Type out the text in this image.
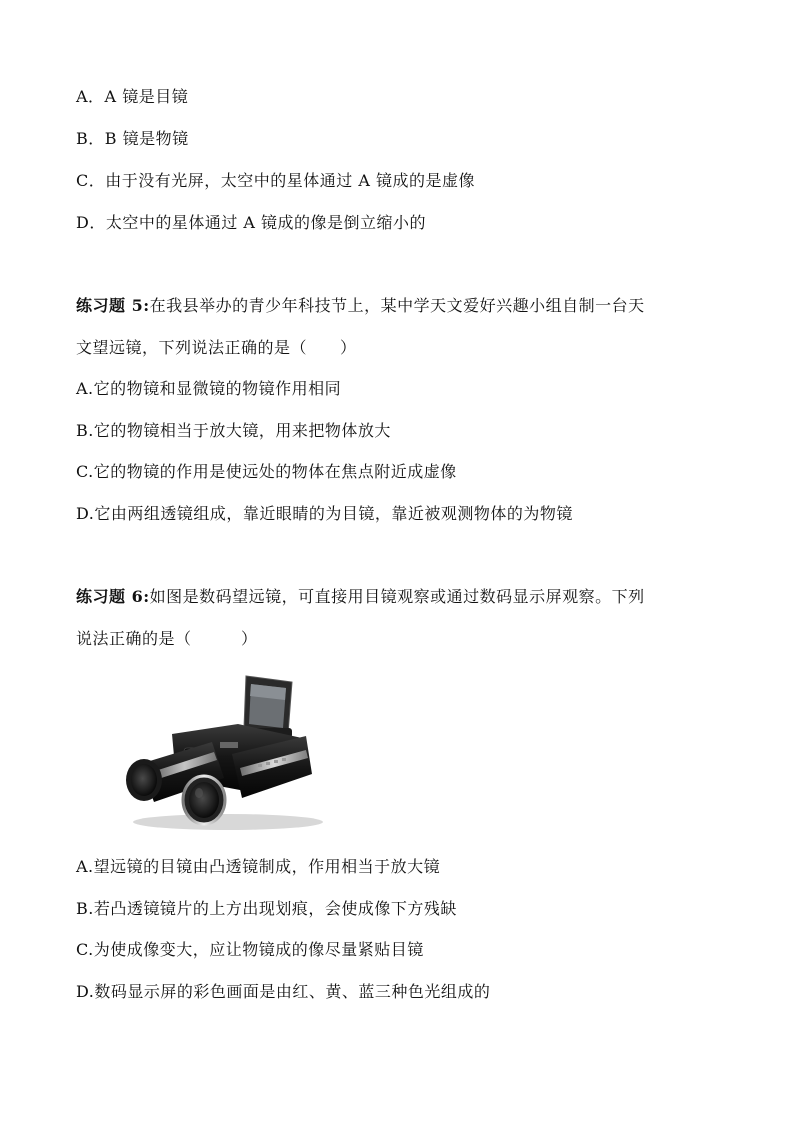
A．A 镜是目镜
B．B 镜是物镜
C．由于没有光屏，太空中的星体通过 A 镜成的是虚像
D．太空中的星体通过 A 镜成的像是倒立缩小的
练习题 5:在我县举办的青少年科技节上，某中学天文爱好兴趣小组自制一台天
文望远镜，下列说法正确的是（　　）
A.它的物镜和显微镜的物镜作用相同
B.它的物镜相当于放大镜，用来把物体放大
C.它的物镜的作用是使远处的物体在焦点附近成虚像
D.它由两组透镜组成，靠近眼睛的为目镜，靠近被观测物体的为物镜
练习题 6:如图是数码望远镜，可直接用目镜观察或通过数码显示屏观察。下列
说法正确的是（　　　）
A.望远镜的目镜由凸透镜制成，作用相当于放大镜
B.若凸透镜镜片的上方出现划痕，会使成像下方残缺
C.为使成像变大，应让物镜成的像尽量紧贴目镜
D.数码显示屏的彩色画面是由红、黄、蓝三种色光组成的
